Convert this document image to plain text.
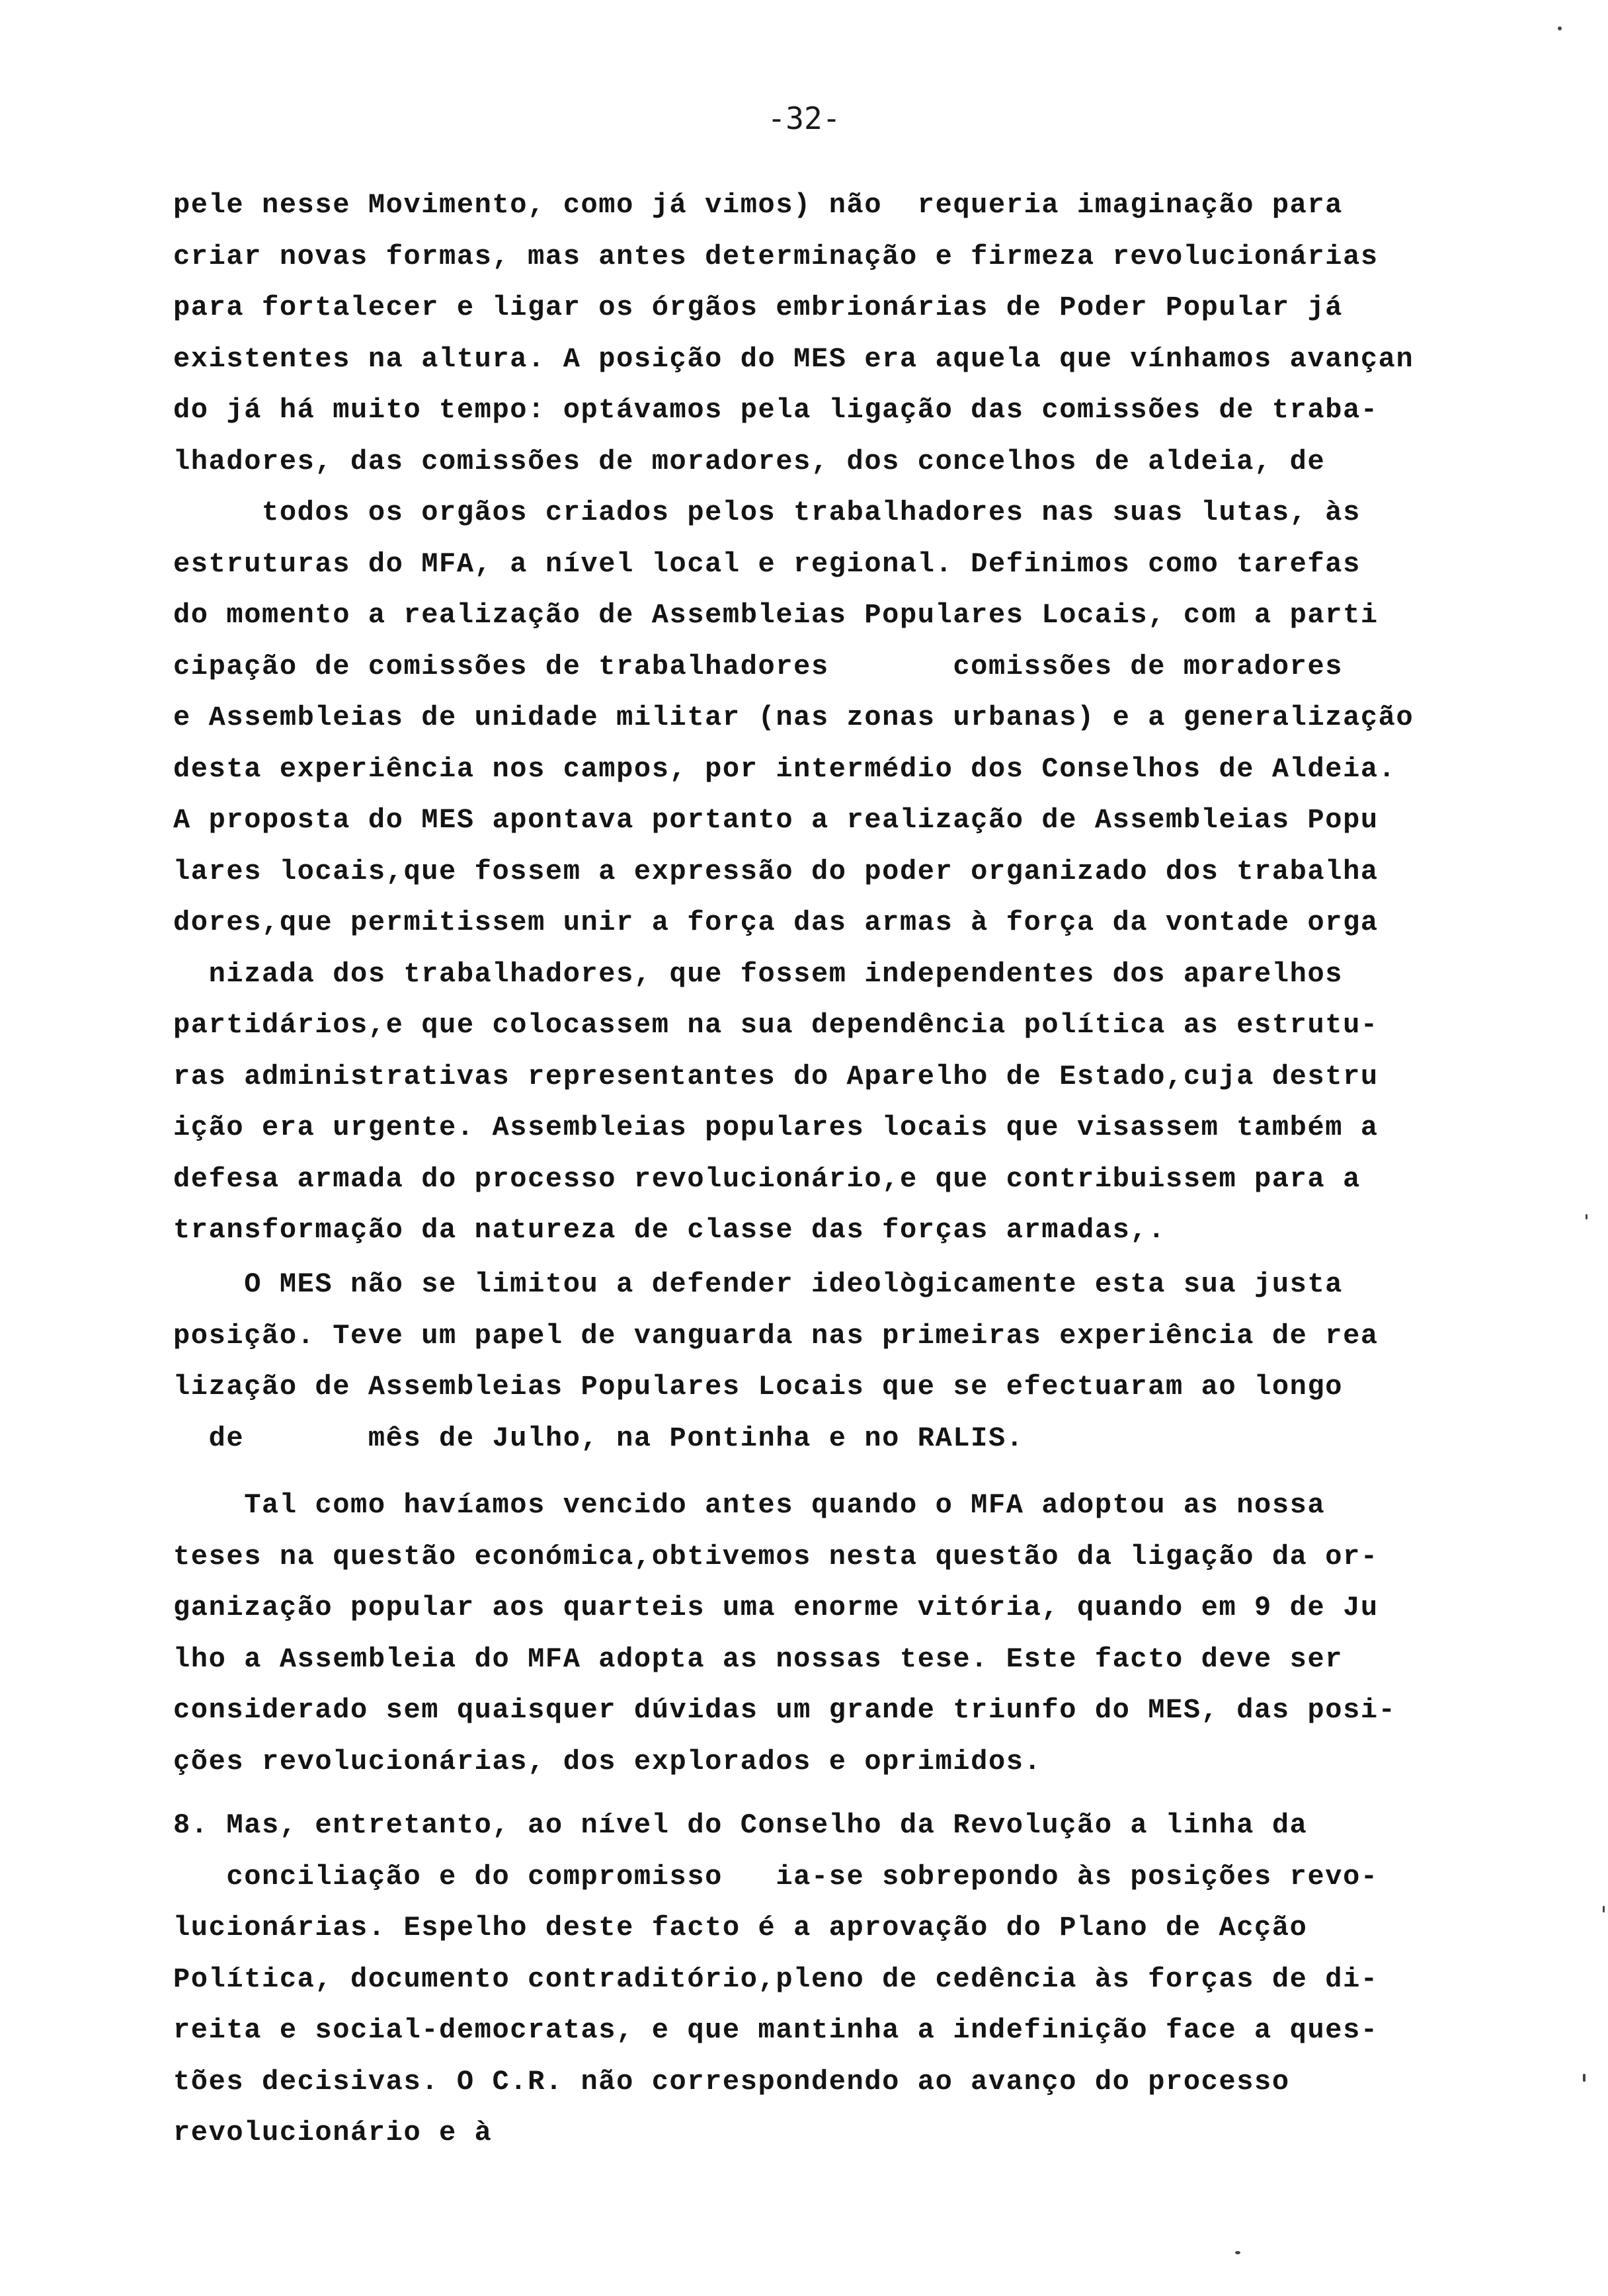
-32-
pele nesse Movimento, como já vimos) não  requeria imaginação para
criar novas formas, mas antes determinação e firmeza revolucionárias
para fortalecer e ligar os órgãos embrionárias de Poder Popular já
existentes na altura. A posição do MES era aquela que vínhamos avançan
do já há muito tempo: optávamos pela ligação das comissões de traba-
lhadores, das comissões de moradores, dos concelhos de aldeia, de
todos os orgãos criados pelos trabalhadores nas suas lutas, às
estruturas do MFA, a nível local e regional. Definimos como tarefas
do momento a realização de Assembleias Populares Locais, com a parti
cipação de comissões de trabalhadores       comissões de moradores
e Assembleias de unidade militar (nas zonas urbanas) e a generalização
desta experiência nos campos, por intermédio dos Conselhos de Aldeia.
A proposta do MES apontava portanto a realização de Assembleias Popu
lares locais,que fossem a expressão do poder organizado dos trabalha
dores,que permitissem unir a força das armas à força da vontade orga
nizada dos trabalhadores, que fossem independentes dos aparelhos
partidários,e que colocassem na sua dependência política as estrutu-
ras administrativas representantes do Aparelho de Estado,cuja destru
ição era urgente. Assembleias populares locais que visassem também a
defesa armada do processo revolucionário,e que contribuissem para a
transformação da natureza de classe das forças armadas,.
O MES não se limitou a defender ideològicamente esta sua justa
posição. Teve um papel de vanguarda nas primeiras experiência de rea
lização de Assembleias Populares Locais que se efectuaram ao longo
de       mês de Julho, na Pontinha e no RALIS.
Tal como havíamos vencido antes quando o MFA adoptou as nossa
teses na questão económica,obtivemos nesta questão da ligação da or-
ganização popular aos quarteis uma enorme vitória, quando em 9 de Ju
lho a Assembleia do MFA adopta as nossas tese. Este facto deve ser
considerado sem quaisquer dúvidas um grande triunfo do MES, das posi-
ções revolucionárias, dos explorados e oprimidos.
8. Mas, entretanto, ao nível do Conselho da Revolução a linha da
conciliação e do compromisso   ia-se sobrepondo às posições revo-
lucionárias. Espelho deste facto é a aprovação do Plano de Acção
Política, documento contraditório,pleno de cedência às forças de di-
reita e social-democratas, e que mantinha a indefinição face a ques-
tões decisivas. O C.R. não correspondendo ao avanço do processo
revolucionário e à
